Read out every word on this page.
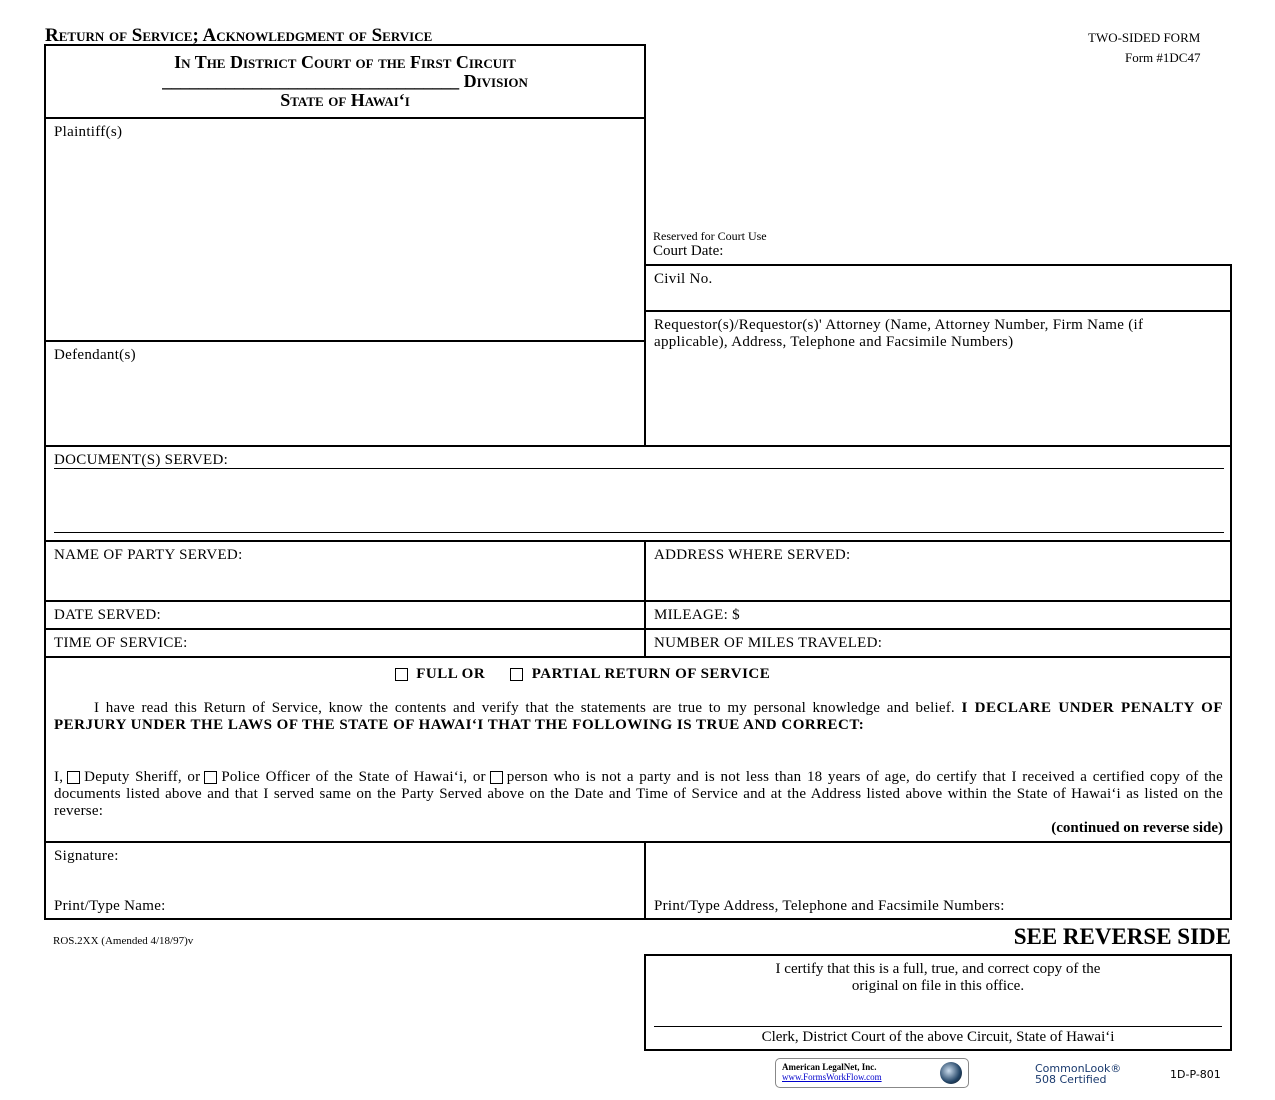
Return of Service; Acknowledgment of Service	TWO-SIDED FORM
Form #1DC47
In The District Court of the First Circuit
_________________________________ Division
State of Hawai‘i
Plaintiff(s)
Defendant(s)
Reserved for Court Use
Court Date:
Civil No.
Requestor(s)/Requestor(s)' Attorney (Name, Attorney Number, Firm Name (if applicable), Address, Telephone and Facsimile Numbers)
DOCUMENT(S) SERVED:
NAME OF PARTY SERVED:	ADDRESS WHERE SERVED:
DATE SERVED:	MILEAGE: $
TIME OF SERVICE:	NUMBER OF MILES TRAVELED:
FULL OR	PARTIAL RETURN OF SERVICE
I have read this Return of Service, know the contents and verify that the statements are true to my personal knowledge and belief. I DECLARE UNDER PENALTY OF PERJURY UNDER THE LAWS OF THE STATE OF HAWAI‘I THAT THE FOLLOWING IS TRUE AND CORRECT:
I, Deputy Sheriff, or Police Officer of the State of Hawai‘i, or person who is not a party and is not less than 18 years of age, do certify that I received a certified copy of the documents listed above and that I served same on the Party Served above on the Date and Time of Service and at the Address listed above within the State of Hawai‘i as listed on the reverse:
(continued on reverse side)
Signature:
Print/Type Name:	Print/Type Address, Telephone and Facsimile Numbers:
ROS.2XX (Amended 4/18/97)v	SEE REVERSE SIDE
I certify that this is a full, true, and correct copy of the original on file in this office.
Clerk, District Court of the above Circuit, State of Hawai‘i
American LegalNet, Inc.
www.FormsWorkFlow.com
CommonLook®
508 Certified	1D-P-801
